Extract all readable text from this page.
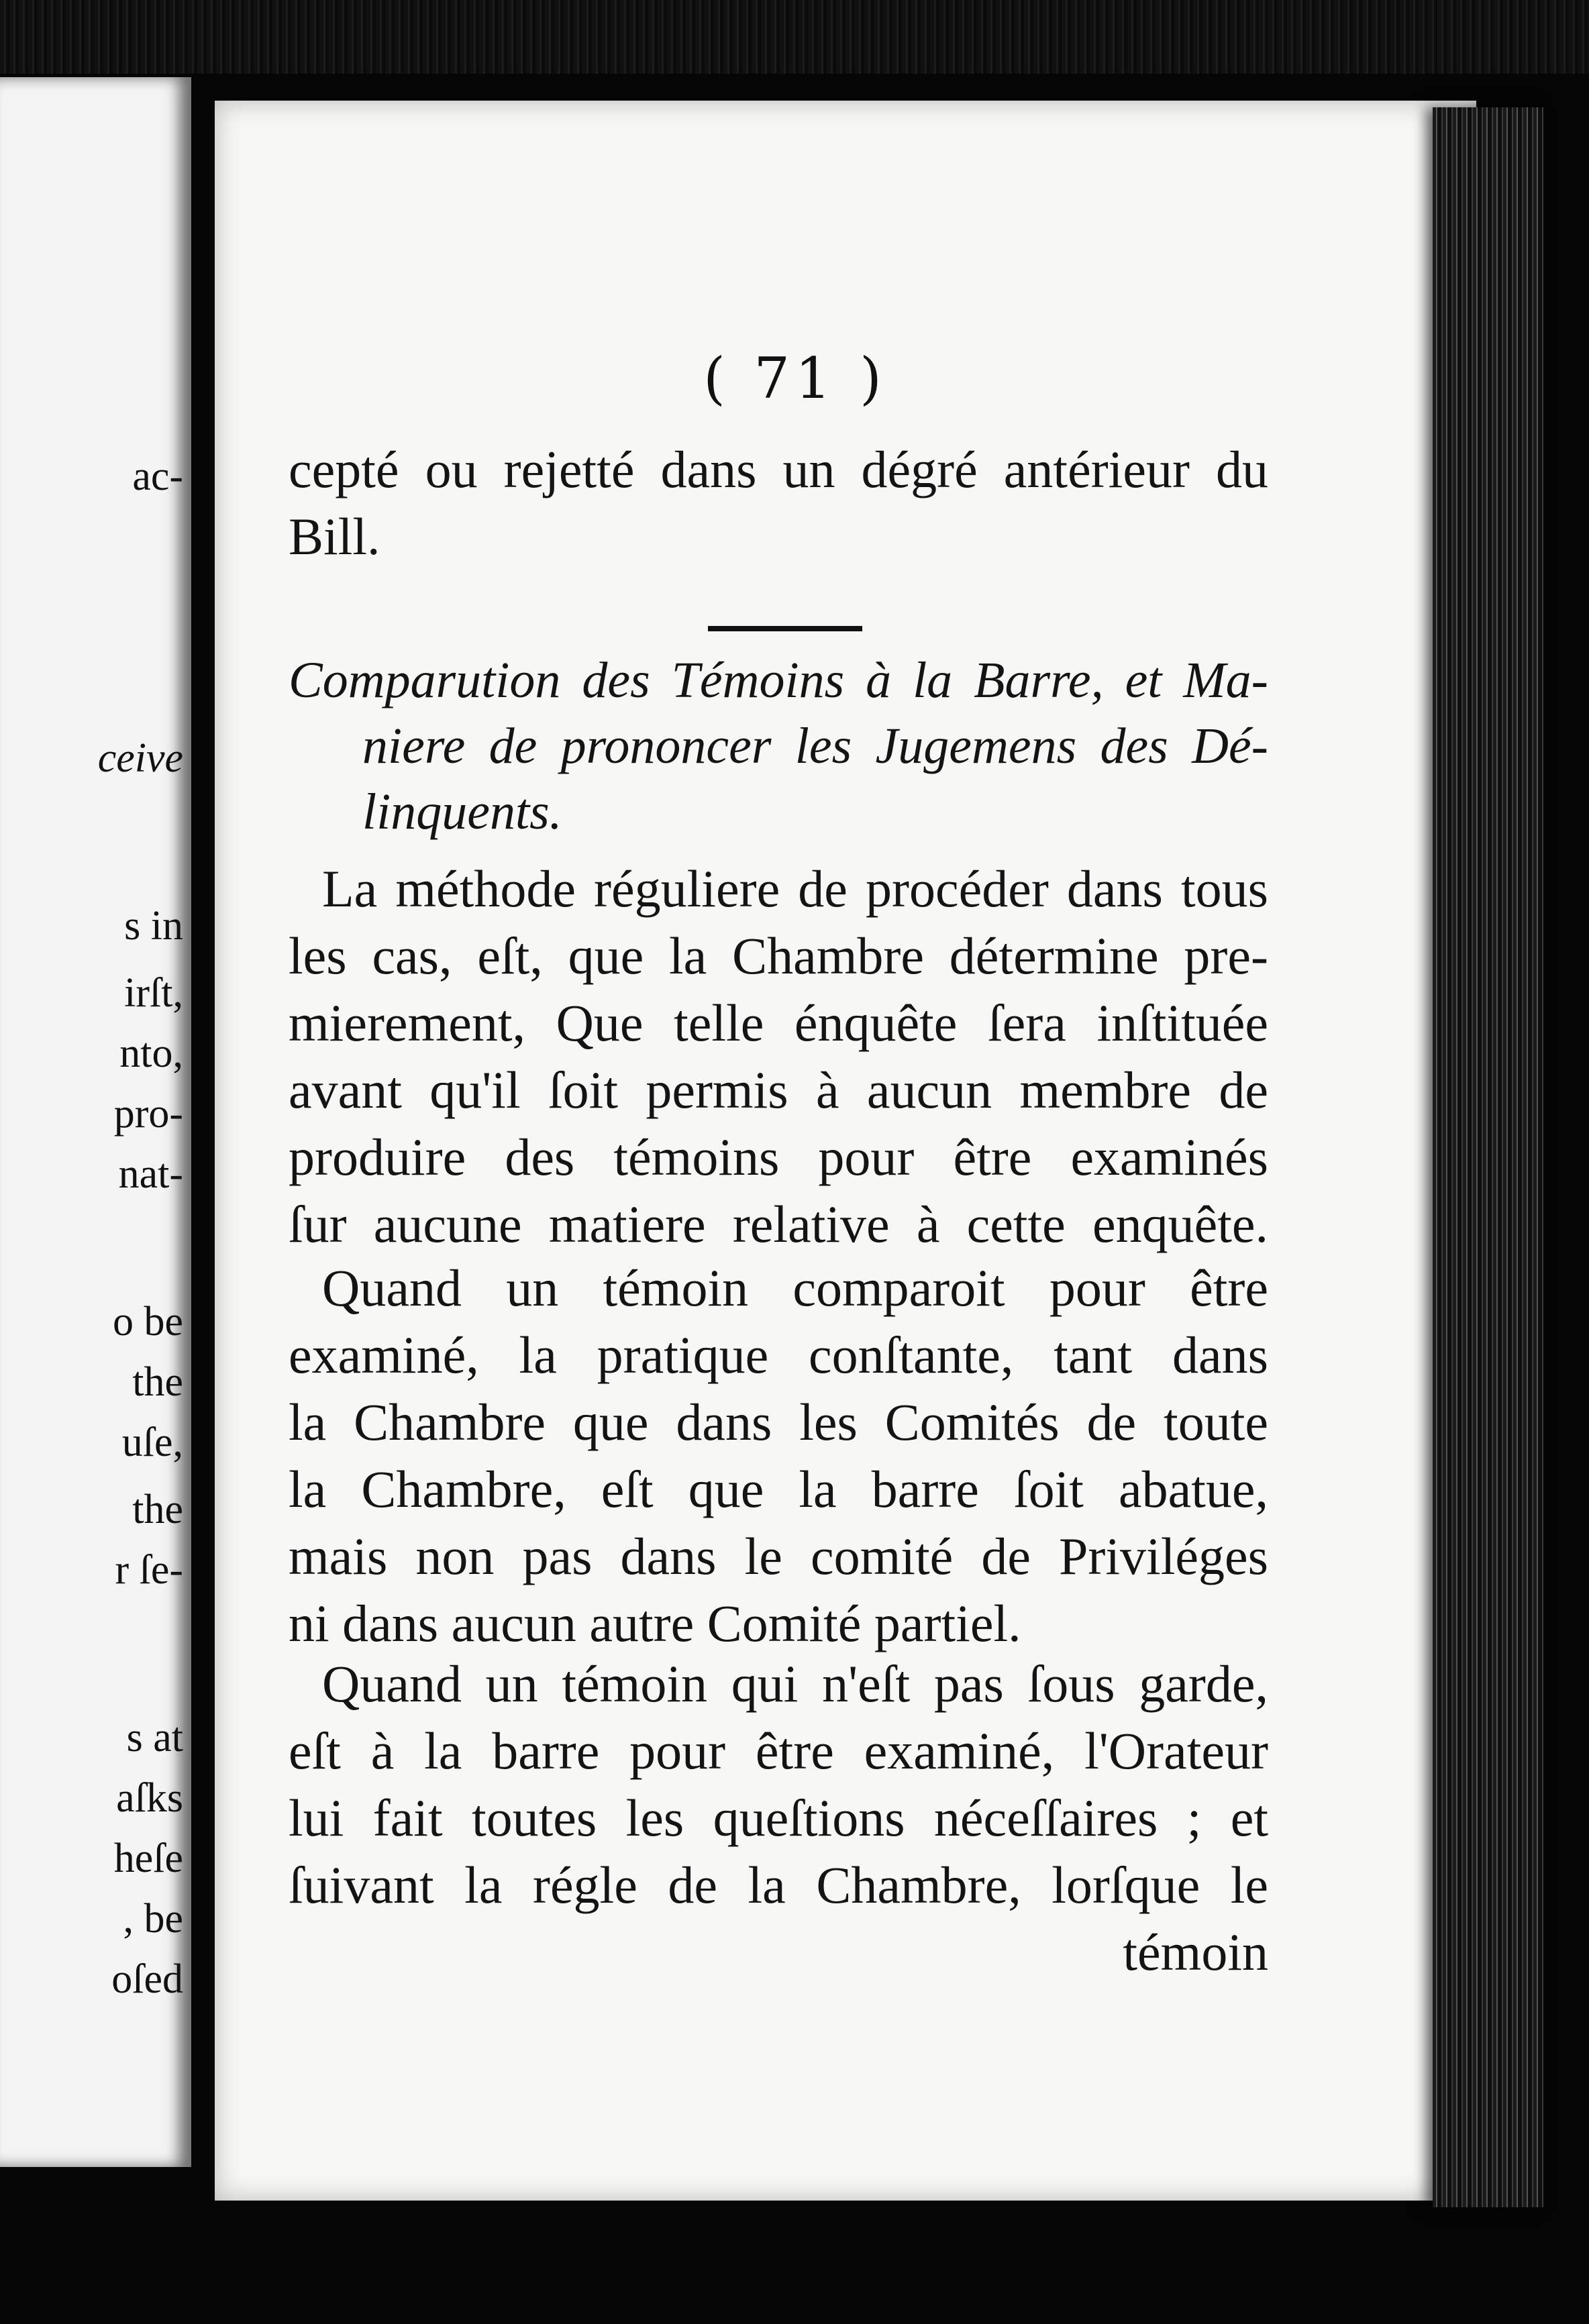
ac-
ceive
s in
irſt,
nto,
pro-
nat-
o be
the
uſe,
the
r ſe-
s at
aſks
heſe
, be
oſed
( 71 )
cepté ou rejetté dans un dégré antérieur du
Bill.
Comparution des Témoins à la Barre, et Ma-
niere de prononcer les Jugemens des Dé-
linquents.
La méthode réguliere de procéder dans tous
les cas, eſt, que la Chambre détermine pre-
mierement, Que telle énquête ſera inſtituée
avant qu'il ſoit permis à aucun membre de
produire des témoins pour être examinés
ſur aucune matiere relative à cette enquête.
Quand un témoin comparoit pour être
examiné, la pratique conſtante, tant dans
la Chambre que dans les Comités de toute
la Chambre, eſt que la barre ſoit abatue,
mais non pas dans le comité de Priviléges
ni dans aucun autre Comité partiel.
Quand un témoin qui n'eſt pas ſous garde,
eſt à la barre pour être examiné, l'Orateur
lui fait toutes les queſtions néceſſaires ; et
ſuivant la régle de la Chambre, lorſque le
témoin
